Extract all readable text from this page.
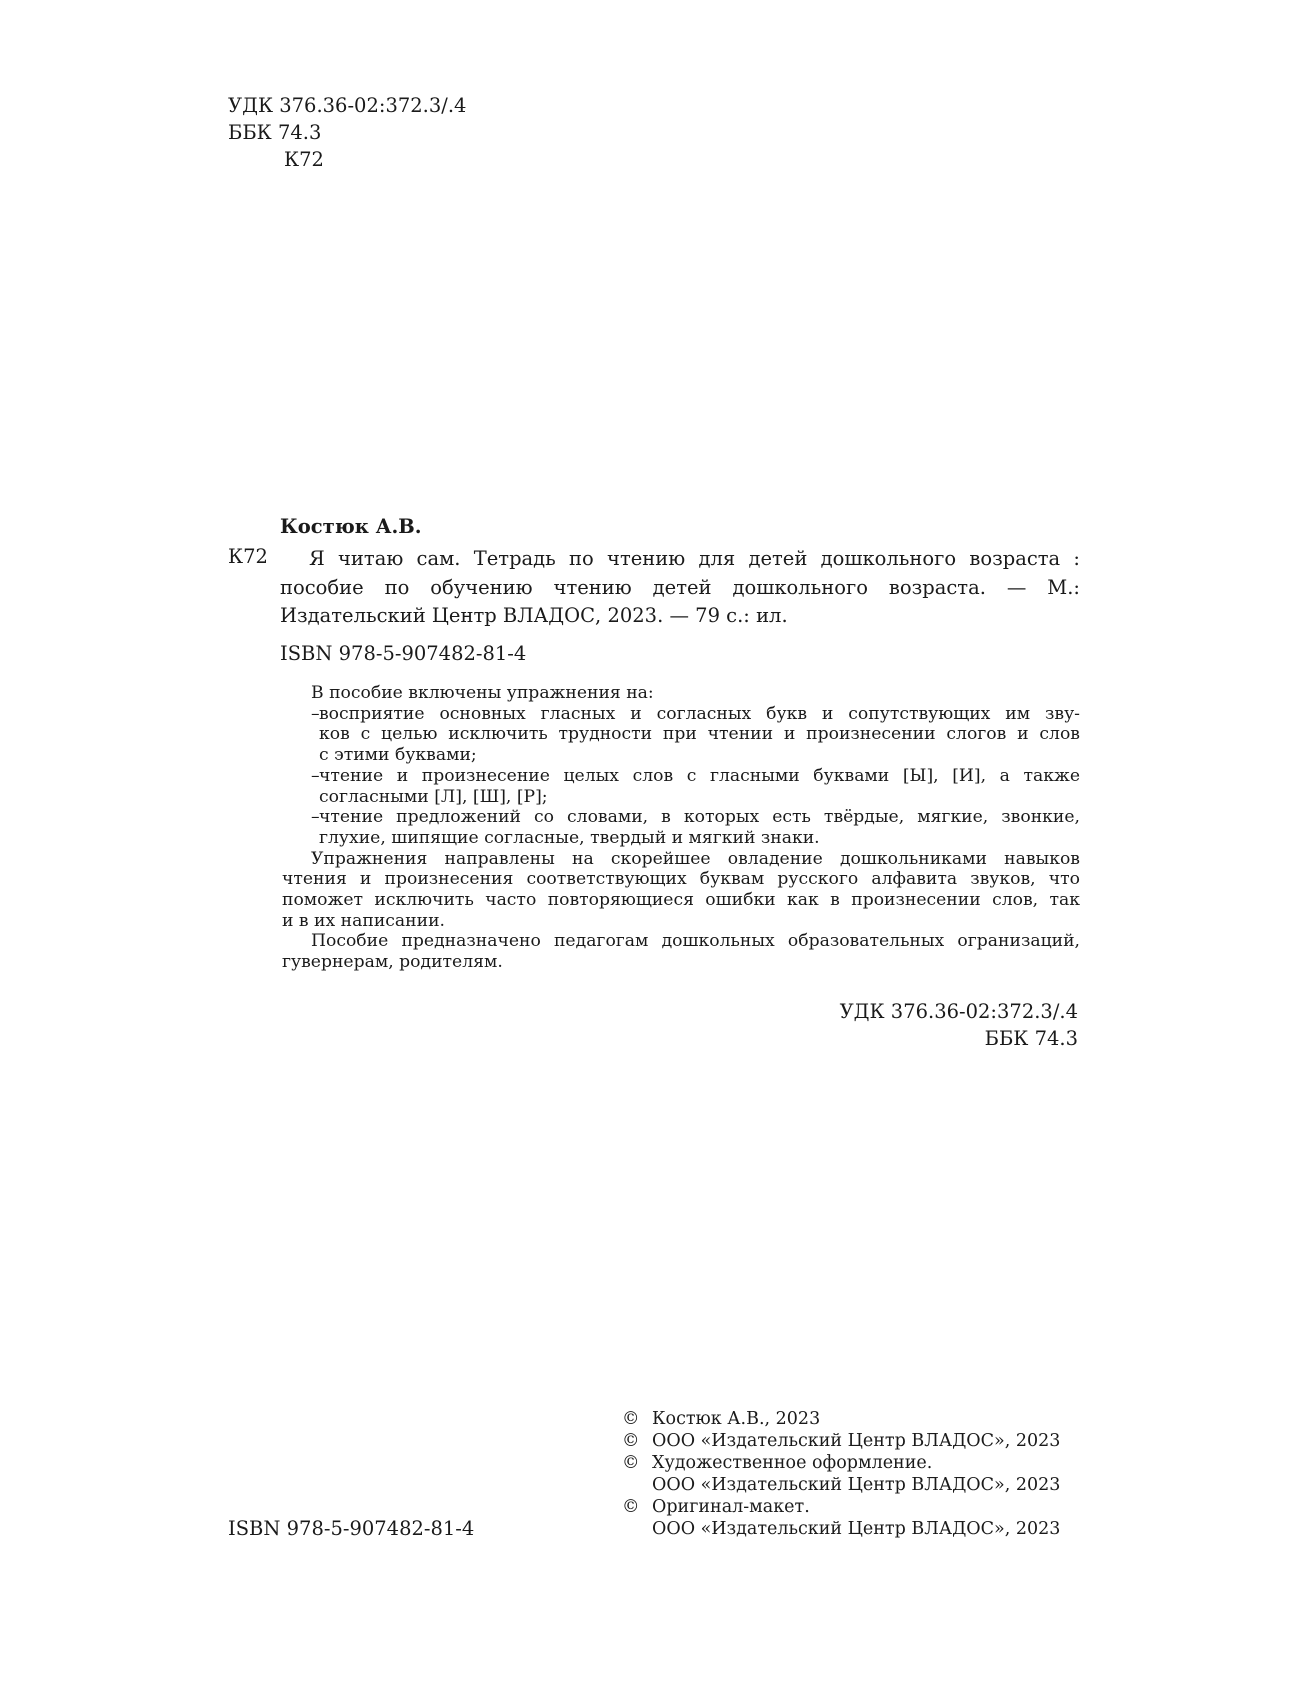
УДК 376.36-02:372.3/.4
ББК 74.3
К72
Костюк А.В.
К72	Я читаю сам. Тетрадь по чтению для детей дошкольного возраста :
пособие по обучению чтению детей дошкольного возраста. — М.:
Издательский Центр ВЛАДОС, 2023. — 79 с.: ил.
ISBN 978-5-907482-81-4
В пособие включены упражнения на:
– восприятие основных гласных и согласных букв и сопутствующих им зву-
ков с целью исключить трудности при чтении и произнесении слогов и слов
с этими буквами;
– чтение и произнесение целых слов с гласными буквами [Ы], [И], а также
согласными [Л], [Ш], [Р];
– чтение предложений со словами, в которых есть твёрдые, мягкие, звонкие,
глухие, шипящие согласные, твердый и мягкий знаки.
Упражнения направлены на скорейшее овладение дошкольниками навыков
чтения и произнесения соответствующих буквам русского алфавита звуков, что
поможет исключить часто повторяющиеся ошибки как в произнесении слов, так
и в их написании.
Пособие предназначено педагогам дошкольных образовательных огранизаций,
гувернерам, родителям.
УДК 376.36-02:372.3/.4
ББК 74.3
ISBN 978-5-907482-81-4
© Костюк А.В., 2023
© ООО «Издательский Центр ВЛАДОС», 2023
© Художественное оформление.
ООО «Издательский Центр ВЛАДОС», 2023
© Оригинал-макет.
ООО «Издательский Центр ВЛАДОС», 2023
